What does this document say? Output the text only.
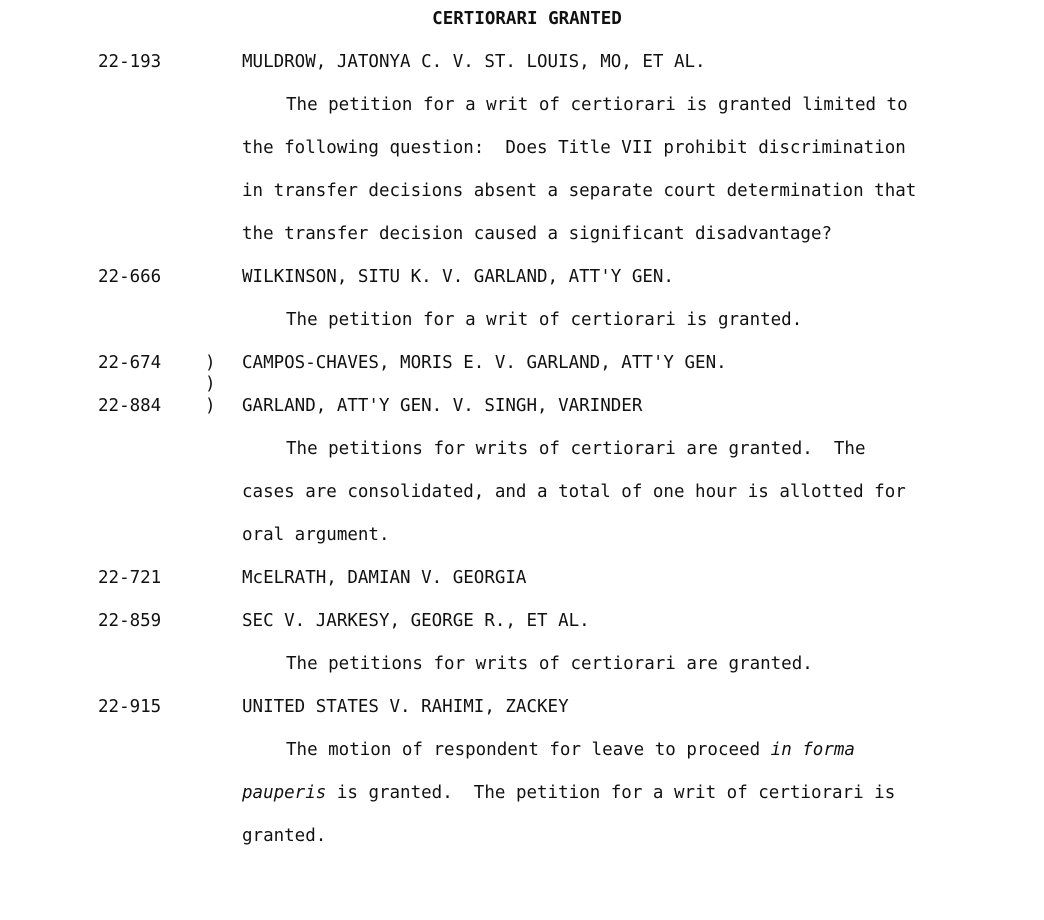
CERTIORARI GRANTED
22-193	MULDROW, JATONYA C. V. ST. LOUIS, MO, ET AL.
The petition for a writ of certiorari is granted limited to
the following question:  Does Title VII prohibit discrimination
in transfer decisions absent a separate court determination that
the transfer decision caused a significant disadvantage?
22-666	WILKINSON, SITU K. V. GARLAND, ATT'Y GEN.
The petition for a writ of certiorari is granted.
22-674	CAMPOS-CHAVES, MORIS E. V. GARLAND, ATT'Y GEN.
)
)
)
22-884	GARLAND, ATT'Y GEN. V. SINGH, VARINDER
The petitions for writs of certiorari are granted.  The
cases are consolidated, and a total of one hour is allotted for
oral argument.
22-721	McELRATH, DAMIAN V. GEORGIA
22-859	SEC V. JARKESY, GEORGE R., ET AL.
The petitions for writs of certiorari are granted.
22-915	UNITED STATES V. RAHIMI, ZACKEY
The motion of respondent for leave to proceed in forma
pauperis is granted.  The petition for a writ of certiorari is
granted.
